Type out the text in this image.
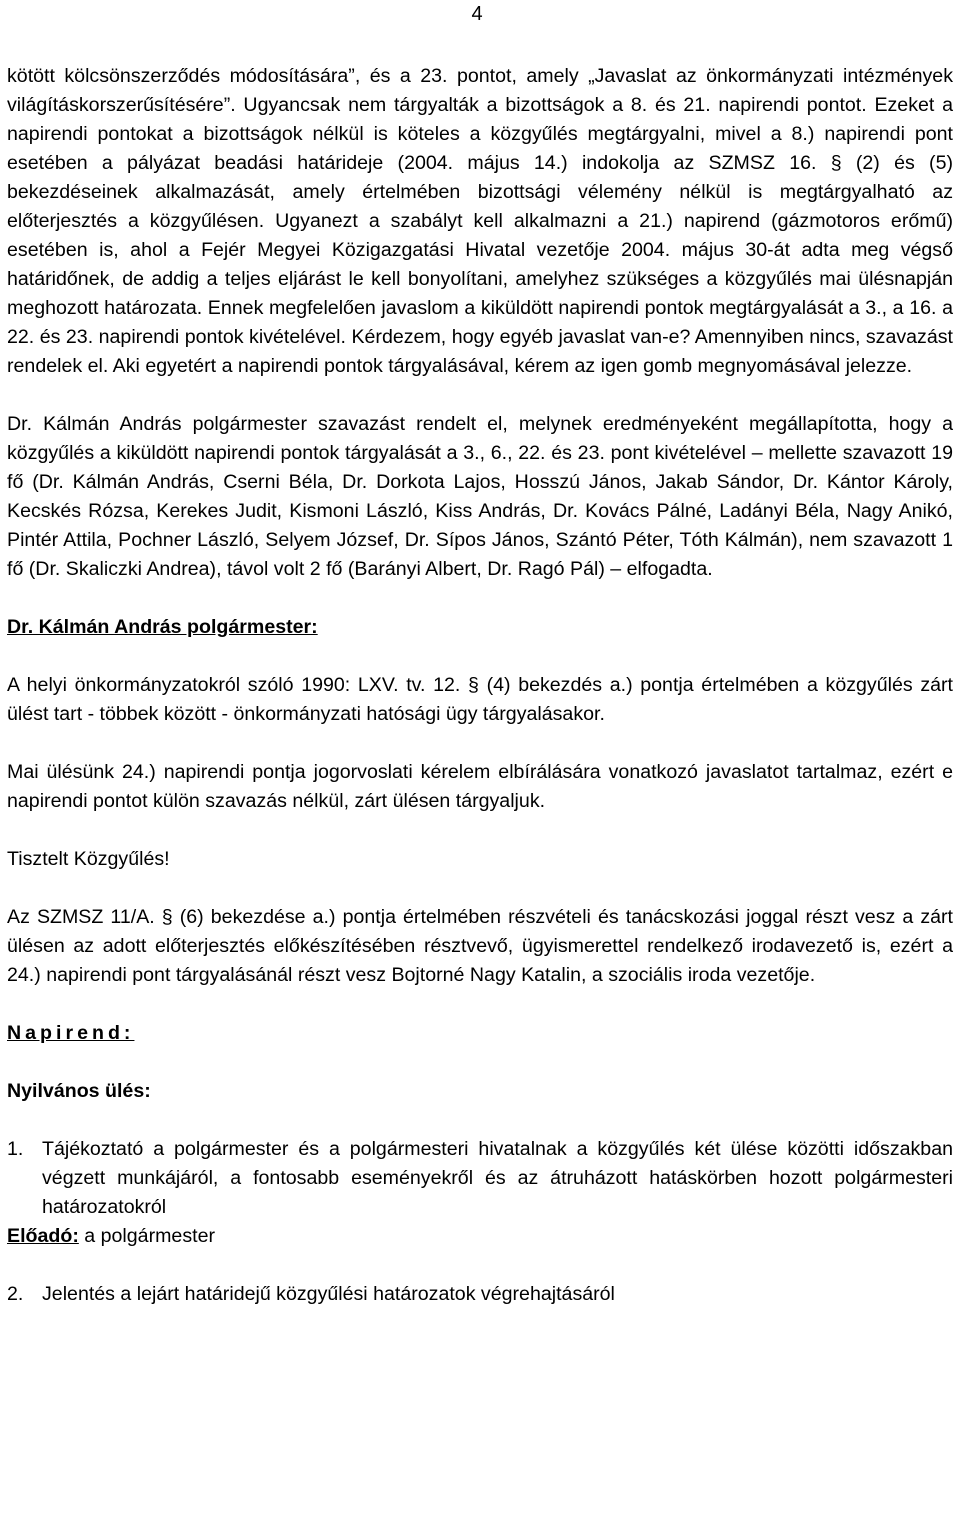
4

kötött kölcsönszerződés módosítására”, és a 23. pontot, amely „Javaslat az önkormányzati intézmények világításkorszerűsítésére”. Ugyancsak nem tárgyalták a bizottságok a 8. és 21. napirendi pontot. Ezeket a napirendi pontokat a bizottságok nélkül is köteles a közgyűlés megtárgyalni, mivel a 8.) napirendi pont esetében a pályázat beadási határideje (2004. május 14.) indokolja az SZMSZ 16. § (2) és (5) bekezdéseinek alkalmazását, amely értelmében bizottsági vélemény nélkül is megtárgyalható az előterjesztés a közgyűlésen. Ugyanezt a szabályt kell alkalmazni a 21.) napirend (gázmotoros erőmű) esetében is, ahol a Fejér Megyei Közigazgatási Hivatal vezetője 2004. május 30-át adta meg végső határidőnek, de addig a teljes eljárást le kell bonyolítani, amelyhez szükséges a közgyűlés mai ülésnapján meghozott határozata. Ennek megfelelően javaslom a kiküldött napirendi pontok megtárgyalását a 3., a 16. a 22. és 23. napirendi pontok kivételével. Kérdezem, hogy egyéb javaslat van-e? Amennyiben nincs, szavazást rendelek el. Aki egyetért a napirendi pontok tárgyalásával, kérem az igen gomb megnyomásával jelezze.

Dr. Kálmán András polgármester szavazást rendelt el, melynek eredményeként megállapította, hogy a közgyűlés a kiküldött napirendi pontok tárgyalását a 3., 6., 22. és 23. pont kivételével ‒ mellette szavazott 19 fő (Dr. Kálmán András, Cserni Béla, Dr. Dorkota Lajos, Hosszú János, Jakab Sándor, Dr. Kántor Károly, Kecskés Rózsa, Kerekes Judit, Kismoni László, Kiss András, Dr. Kovács Pálné, Ladányi Béla, Nagy Anikó, Pintér Attila, Pochner László, Selyem József, Dr. Sípos János, Szántó Péter, Tóth Kálmán), nem szavazott 1 fő (Dr. Skaliczki Andrea), távol volt 2 fő (Barányi Albert, Dr. Ragó Pál) ‒ elfogadta.

Dr. Kálmán András polgármester:

A helyi önkormányzatokról szóló 1990: LXV. tv. 12. § (4) bekezdés a.) pontja értelmében a közgyűlés zárt ülést tart - többek között - önkormányzati hatósági ügy tárgyalásakor.

Mai ülésünk 24.) napirendi pontja jogorvoslati kérelem elbírálására vonatkozó javaslatot tartalmaz, ezért e napirendi pontot külön szavazás nélkül, zárt ülésen tárgyaljuk.

Tisztelt Közgyűlés!

Az SZMSZ 11/A. § (6) bekezdése a.) pontja értelmében részvételi és tanácskozási joggal részt vesz a zárt ülésen az adott előterjesztés előkészítésében résztvevő, ügyismerettel rendelkező irodavezető is, ezért a 24.) napirendi pont tárgyalásánál részt vesz Bojtorné Nagy Katalin, a szociális iroda vezetője.

Napirend:

Nyilvános ülés:

1. Tájékoztató a polgármester és a polgármesteri hivatalnak a közgyűlés két ülése közötti időszakban végzett munkájáról, a fontosabb eseményekről és az átruházott hatáskörben hozott polgármesteri határozatokról

Előadó: a polgármester

2. Jelentés a lejárt határidejű közgyűlési határozatok végrehajtásáról
